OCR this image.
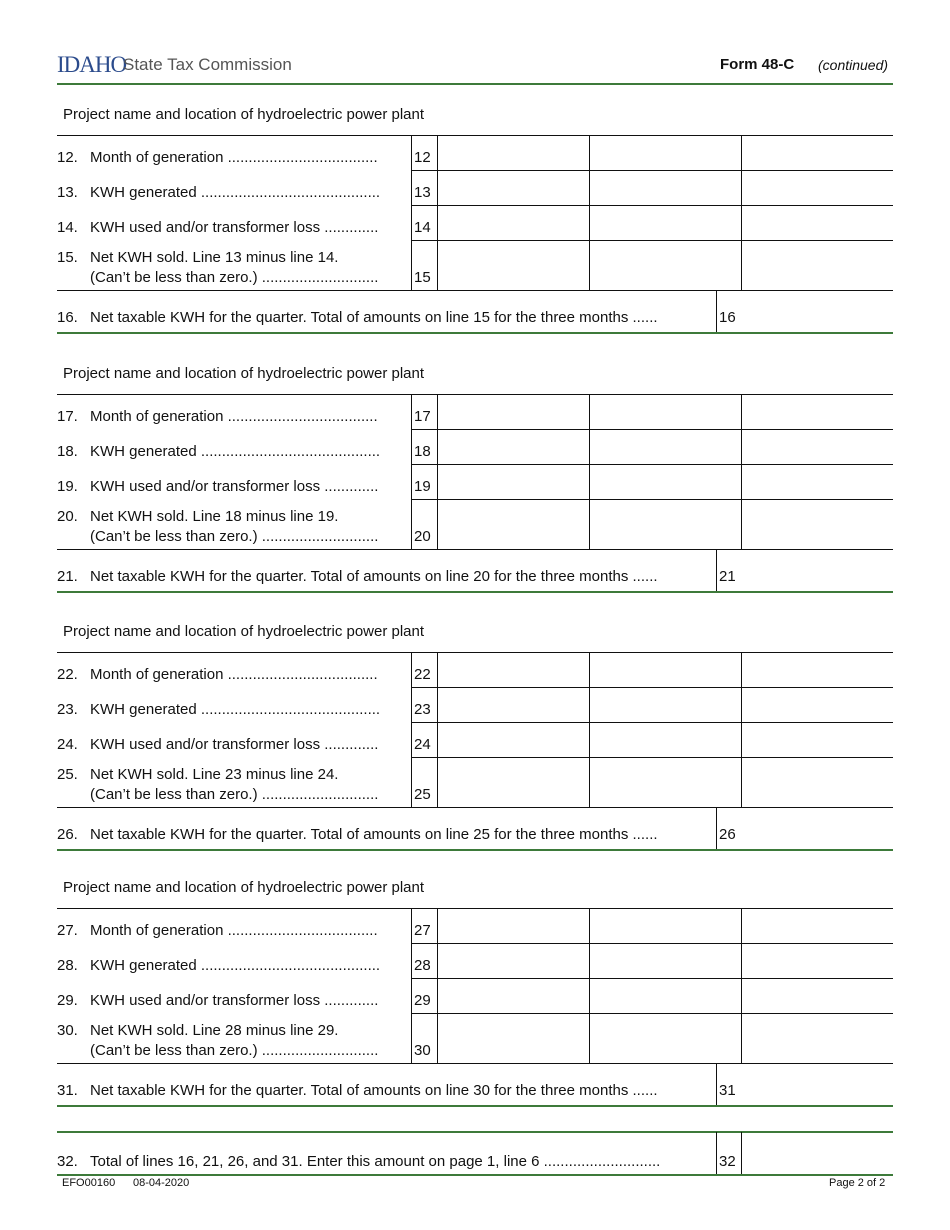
IDAHO
State Tax Commission	Form 48-C (continued)
Project name and location of hydroelectric power plant
12. Month of generation .................................... 12
13. KWH generated ........................................... 13
14. KWH used and/or transformer loss ............. 14
15. Net KWH sold. Line 13 minus line 14.
(Can’t be less than zero.) ............................ 15
16. Net taxable KWH for the quarter. Total of amounts on line 15 for the three months ......	16
Project name and location of hydroelectric power plant
17. Month of generation .................................... 17
18. KWH generated ........................................... 18
19. KWH used and/or transformer loss ............. 19
20. Net KWH sold. Line 18 minus line 19.
(Can’t be less than zero.) ............................ 20
21. Net taxable KWH for the quarter. Total of amounts on line 20 for the three months ......	21
Project name and location of hydroelectric power plant
22. Month of generation .................................... 22
23. KWH generated ........................................... 23
24. KWH used and/or transformer loss ............. 24
25. Net KWH sold. Line 23 minus line 24.
(Can’t be less than zero.) ............................ 25
26. Net taxable KWH for the quarter. Total of amounts on line 25 for the three months ......	26
Project name and location of hydroelectric power plant
27. Month of generation .................................... 27
28. KWH generated ........................................... 28
29. KWH used and/or transformer loss ............. 29
30. Net KWH sold. Line 28 minus line 29.
(Can’t be less than zero.) ............................ 30
31. Net taxable KWH for the quarter. Total of amounts on line 30 for the three months ......	31
32. Total of lines 16, 21, 26, and 31. Enter this amount on page 1, line 6 ............................	32
EFO00160 08-04-2020	Page 2 of 2
